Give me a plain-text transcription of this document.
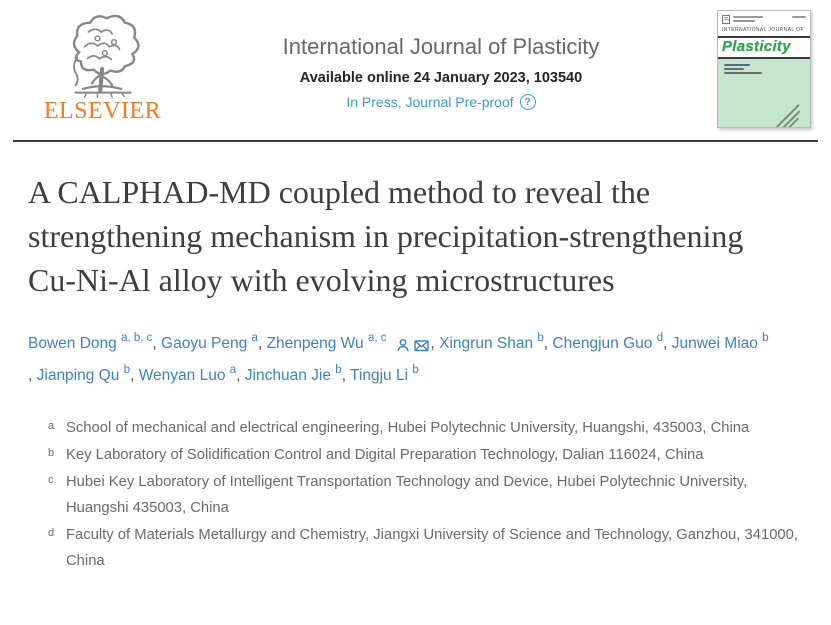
ELSEVIER
International Journal of Plasticity
Available online 24 January 2023, 103540
In Press, Journal Pre-proof	?
INTERNATIONAL JOURNAL OF
Plasticity
A CALPHAD-MD coupled method to reveal the strengthening mechanism in precipitation-strengthening Cu-Ni-Al alloy with evolving microstructures
Bowen Dong $^{a, b, c}$, Gaoyu Peng $^a$, Zhenpeng Wu $^{a, c}$	, Xingrun Shan $^b$, Chengjun Guo $^d$, Junwei Miao $^b$, Jianping Qu $^b$, Wenyan Luo $^a$, Jinchuan Jie $^b$, Tingju Li $^b$
a School of mechanical and electrical engineering, Hubei Polytechnic University, Huangshi, 435003, China
b Key Laboratory of Solidification Control and Digital Preparation Technology, Dalian 116024, China
c Hubei Key Laboratory of Intelligent Transportation Technology and Device, Hubei Polytechnic University, Huangshi 435003, China
d Faculty of Materials Metallurgy and Chemistry, Jiangxi University of Science and Technology, Ganzhou, 341000, China
